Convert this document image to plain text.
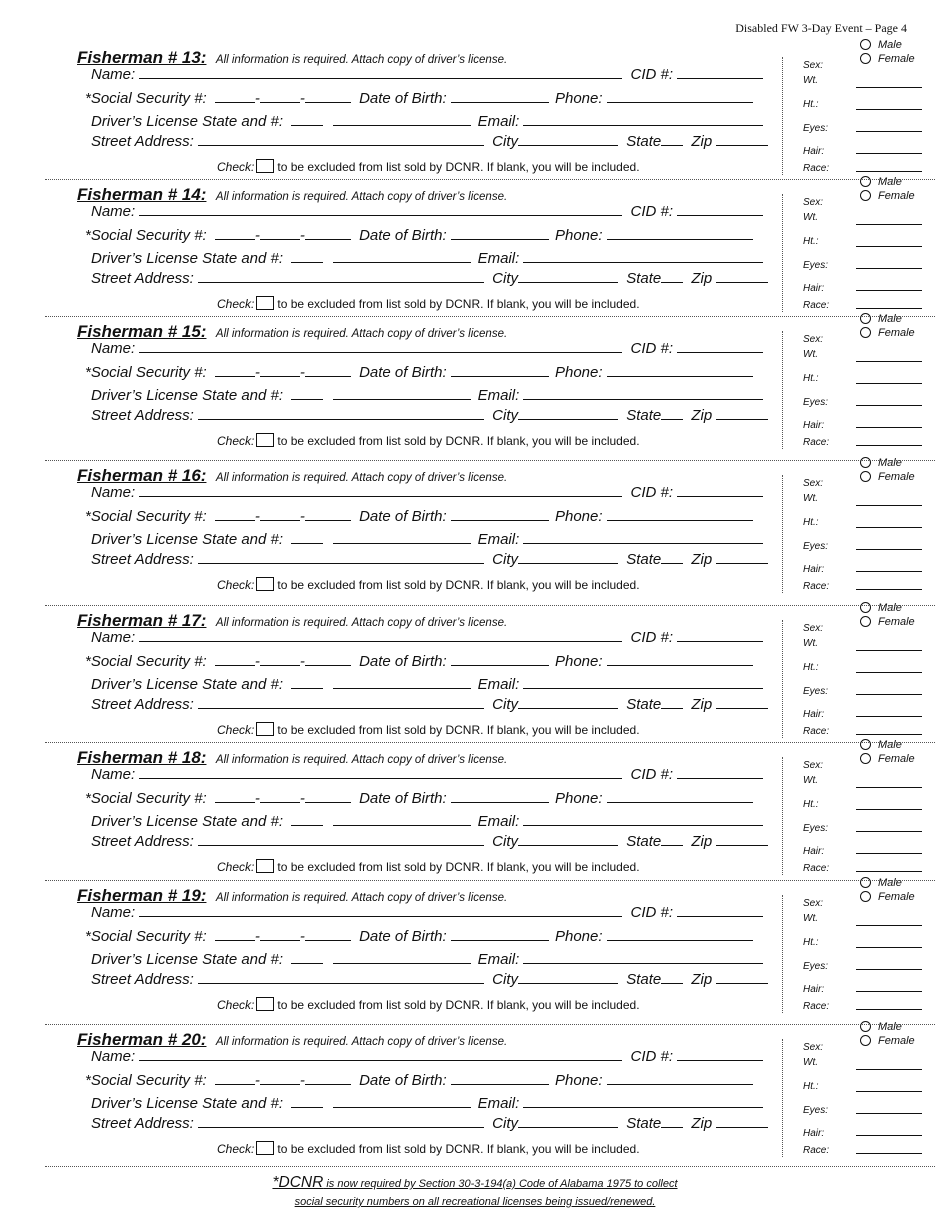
Disabled FW 3-Day Event – Page 4
Fisherman # 13: All information is required. Attach copy of driver’s license.
Name:	CID #:
*Social Security #:	-	-	Date of Birth:	Phone:
Driver’s License State and #:	Email:
Street Address:	City	State Zip
Check: to be excluded from list sold by DCNR. If blank, you will be included.
Male
Female
Sex:
Wt.
Ht.:
Eyes:
Hair:
Race:
Fisherman # 14: All information is required. Attach copy of driver’s license.
Name:	CID #:
*Social Security #:	-	-	Date of Birth:	Phone:
Driver’s License State and #:	Email:
Street Address:	City	State Zip
Check: to be excluded from list sold by DCNR. If blank, you will be included.
Male
Female
Sex:
Wt.
Ht.:
Eyes:
Hair:
Race:
Fisherman # 15: All information is required. Attach copy of driver’s license.
Name:	CID #:
*Social Security #:	-	-	Date of Birth:	Phone:
Driver’s License State and #:	Email:
Street Address:	City	State Zip
Check: to be excluded from list sold by DCNR. If blank, you will be included.
Male
Female
Sex:
Wt.
Ht.:
Eyes:
Hair:
Race:
Fisherman # 16: All information is required. Attach copy of driver’s license.
Name:	CID #:
*Social Security #:	-	-	Date of Birth:	Phone:
Driver’s License State and #:	Email:
Street Address:	City	State Zip
Check: to be excluded from list sold by DCNR. If blank, you will be included.
Male
Female
Sex:
Wt.
Ht.:
Eyes:
Hair:
Race:
Fisherman # 17: All information is required. Attach copy of driver’s license.
Name:	CID #:
*Social Security #:	-	-	Date of Birth:	Phone:
Driver’s License State and #:	Email:
Street Address:	City	State Zip
Check: to be excluded from list sold by DCNR. If blank, you will be included.
Male
Female
Sex:
Wt.
Ht.:
Eyes:
Hair:
Race:
Fisherman # 18: All information is required. Attach copy of driver’s license.
Name:	CID #:
*Social Security #:	-	-	Date of Birth:	Phone:
Driver’s License State and #:	Email:
Street Address:	City	State Zip
Check: to be excluded from list sold by DCNR. If blank, you will be included.
Male
Female
Sex:
Wt.
Ht.:
Eyes:
Hair:
Race:
Fisherman # 19: All information is required. Attach copy of driver’s license.
Name:	CID #:
*Social Security #:	-	-	Date of Birth:	Phone:
Driver’s License State and #:	Email:
Street Address:	City	State Zip
Check: to be excluded from list sold by DCNR. If blank, you will be included.
Male
Female
Sex:
Wt.
Ht.:
Eyes:
Hair:
Race:
Fisherman # 20: All information is required. Attach copy of driver’s license.
Name:	CID #:
*Social Security #:	-	-	Date of Birth:	Phone:
Driver’s License State and #:	Email:
Street Address:	City	State Zip
Check: to be excluded from list sold by DCNR. If blank, you will be included.
Male
Female
Sex:
Wt.
Ht.:
Eyes:
Hair:
Race:
*DCNR is now required by Section 30-3-194(a) Code of Alabama 1975 to collect
social security numbers on all recreational licenses being issued/renewed.
